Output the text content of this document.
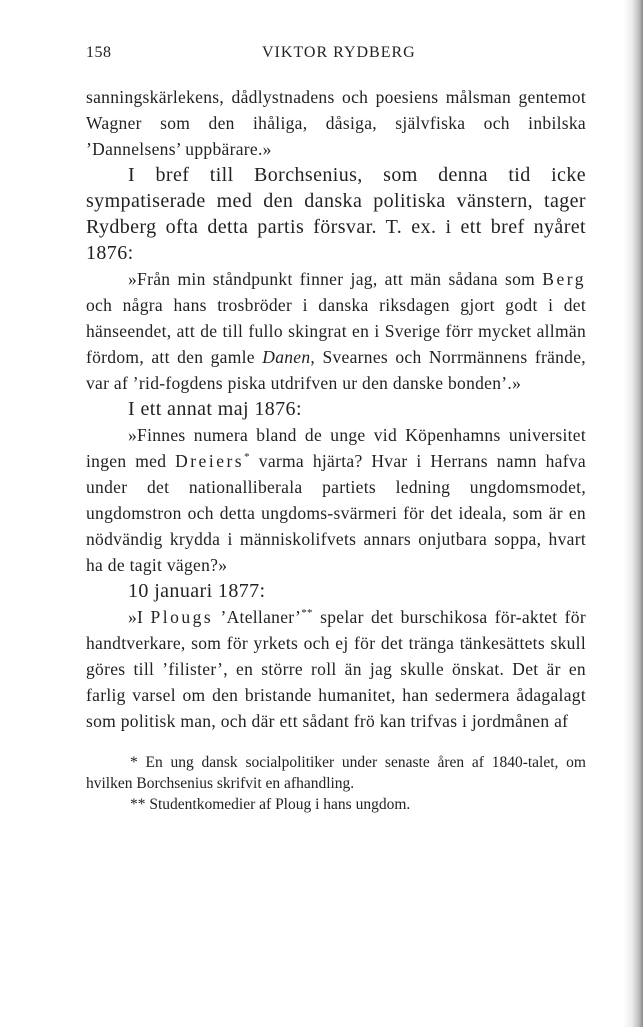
158	VIKTOR RYDBERG

sanningskärlekens, dådlystnadens och poesiens målsman gentemot Wagner som den ihåliga, dåsiga, självfiska och inbilska ’Dannelsens’ uppbärare.»

I bref till Borchsenius, som denna tid icke sympatiserade med den danska politiska vänstern, tager Rydberg ofta detta partis försvar. T. ex. i ett bref nyåret 1876:

»Från min ståndpunkt finner jag, att män sådana som Berg och några hans trosbröder i danska riksdagen gjort godt i det hänseendet, att de till fullo skingrat en i Sverige förr mycket allmän fördom, att den gamle Danen, Svearnes och Norrmännens frände, var af ’rid-fogdens piska utdrifven ur den danske bonden’.»

I ett annat maj 1876:

»Finnes numera bland de unge vid Köpenhamns universitet ingen med Dreiers* varma hjärta? Hvar i Herrans namn hafva under det nationalliberala partiets ledning ungdomsmodet, ungdomstron och detta ungdoms-svärmeri för det ideala, som är en nödvändig krydda i människolifvets annars onjutbara soppa, hvart ha de tagit vägen?»

10 januari 1877:

»I Plougs ’Atellaner’** spelar det burschikosa för-aktet för handtverkare, som för yrkets och ej för det tränga tänkesättets skull göres till ’filister’, en större roll än jag skulle önskat. Det är en farlig varsel om den bristande humanitet, han sedermera ådagalagt som politisk man, och där ett sådant frö kan trifvas i jordmånen af

* En ung dansk socialpolitiker under senaste åren af 1840-talet, om hvilken Borchsenius skrifvit en afhandling.

** Studentkomedier af Ploug i hans ungdom.
